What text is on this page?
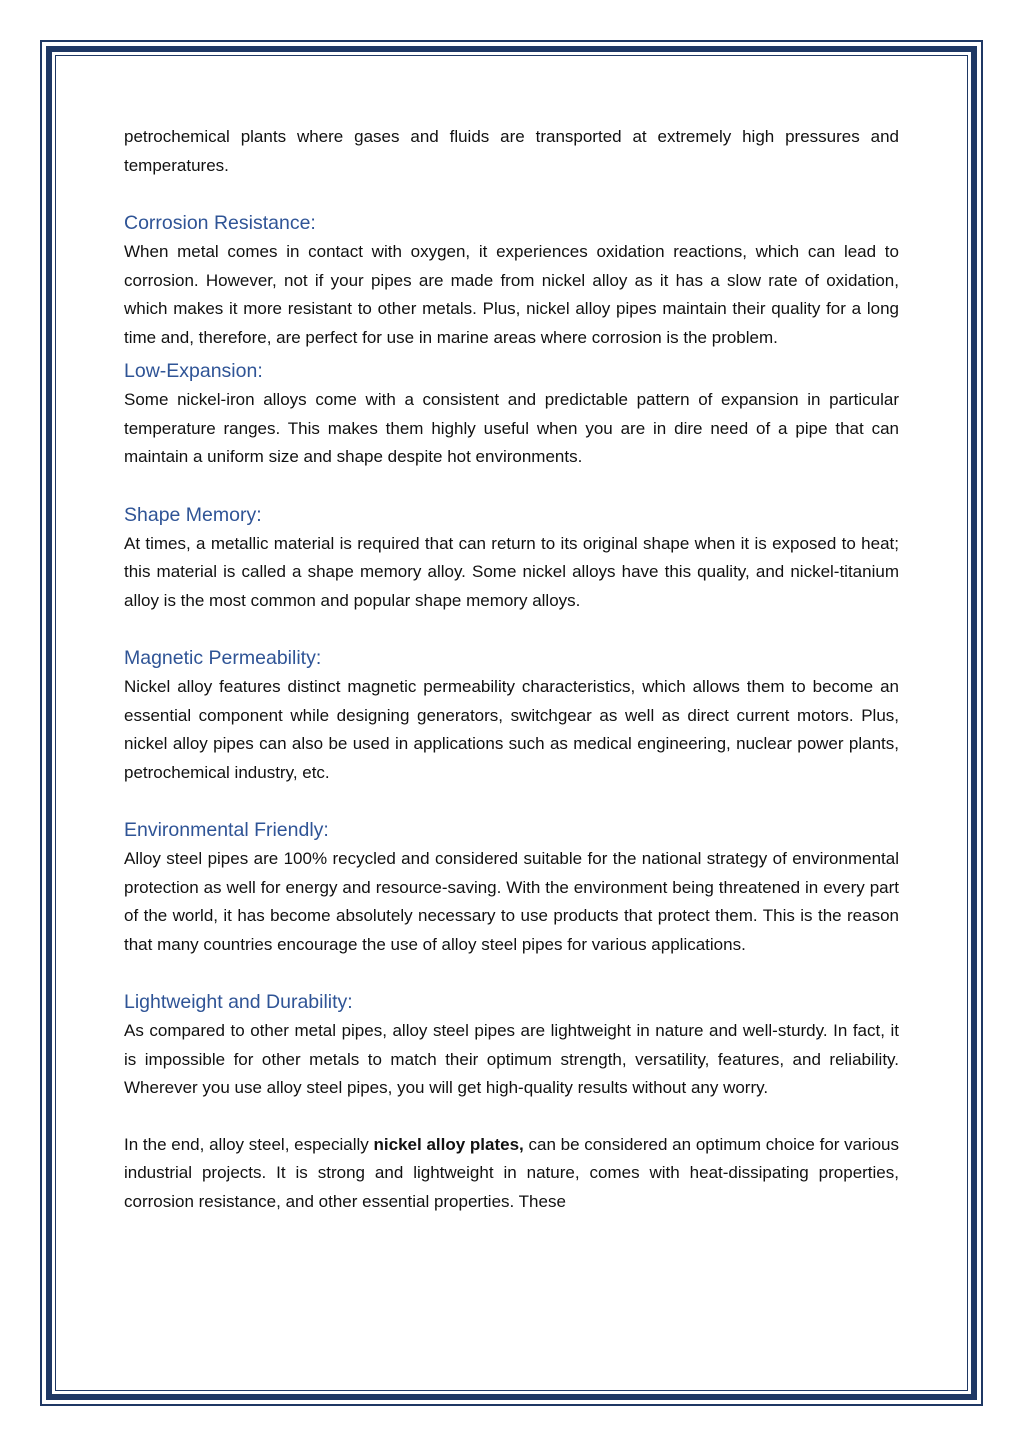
petrochemical plants where gases and fluids are transported at extremely high pressures and temperatures.

Corrosion Resistance:

When metal comes in contact with oxygen, it experiences oxidation reactions, which can lead to corrosion. However, not if your pipes are made from nickel alloy as it has a slow rate of oxidation, which makes it more resistant to other metals. Plus, nickel alloy pipes maintain their quality for a long time and, therefore, are perfect for use in marine areas where corrosion is the problem.

Low-Expansion:

Some nickel-iron alloys come with a consistent and predictable pattern of expansion in particular temperature ranges. This makes them highly useful when you are in dire need of a pipe that can maintain a uniform size and shape despite hot environments.

Shape Memory:

At times, a metallic material is required that can return to its original shape when it is exposed to heat; this material is called a shape memory alloy. Some nickel alloys have this quality, and nickel-titanium alloy is the most common and popular shape memory alloys.

Magnetic Permeability:

Nickel alloy features distinct magnetic permeability characteristics, which allows them to become an essential component while designing generators, switchgear as well as direct current motors. Plus, nickel alloy pipes can also be used in applications such as medical engineering, nuclear power plants, petrochemical industry, etc.

Environmental Friendly:

Alloy steel pipes are 100% recycled and considered suitable for the national strategy of environmental protection as well for energy and resource-saving. With the environment being threatened in every part of the world, it has become absolutely necessary to use products that protect them. This is the reason that many countries encourage the use of alloy steel pipes for various applications.

Lightweight and Durability:

As compared to other metal pipes, alloy steel pipes are lightweight in nature and well-sturdy. In fact, it is impossible for other metals to match their optimum strength, versatility, features, and reliability. Wherever you use alloy steel pipes, you will get high-quality results without any worry.

In the end, alloy steel, especially nickel alloy plates, can be considered an optimum choice for various industrial projects. It is strong and lightweight in nature, comes with heat-dissipating properties, corrosion resistance, and other essential properties. These
